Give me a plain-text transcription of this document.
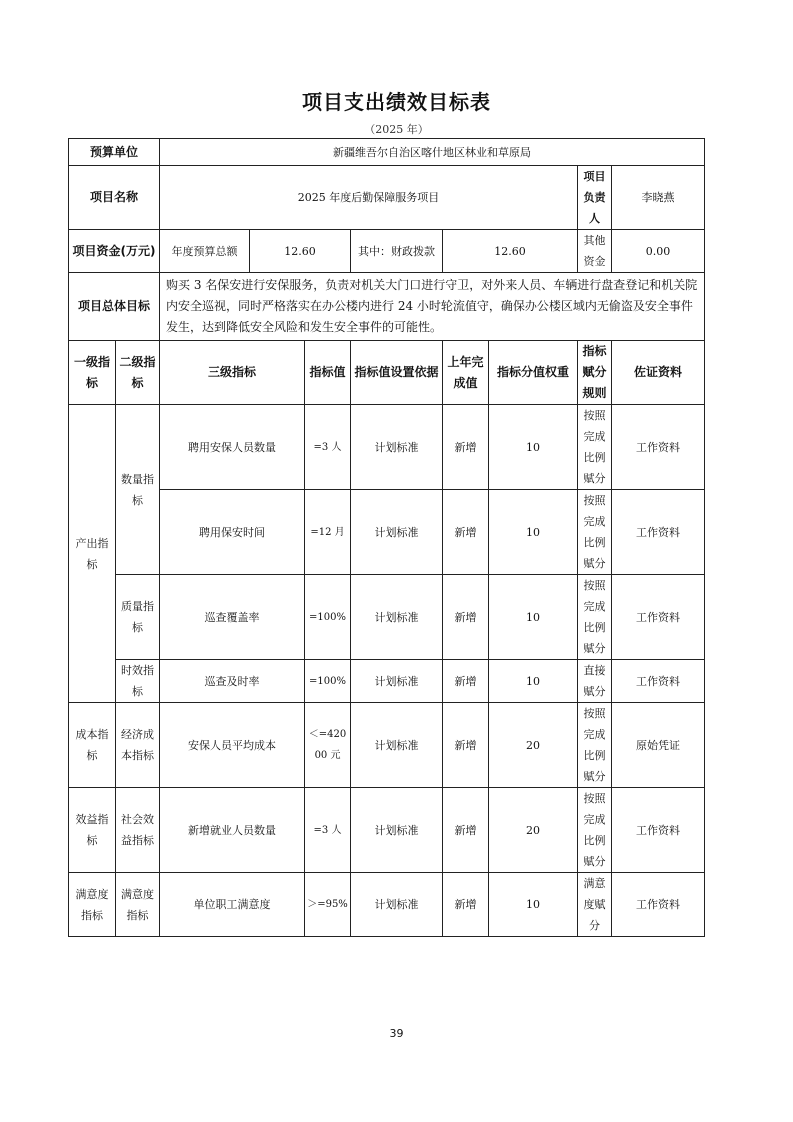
项目支出绩效目标表
（2025 年）
预算单位		新疆维吾尔自治区喀什地区林业和草原局							
项目名称		2025 年度后勤保障服务项目						项目负责人	李晓燕
项目资金(万元)		年度预算总额	12.60		其中：财政拨款	12.60		其他资金	0.00
项目总体目标		购买 3 名保安进行安保服务，负责对机关大门口进行守卫，对外来人员、车辆进行盘查登记和机关院内安全巡视，同时严格落实在办公楼内进行 24 小时轮流值守，确保办公楼区域内无偷盗及安全事件发生，达到降低安全风险和发生安全事件的可能性。							
一级指标	二级指标	三级指标		指标值	指标值设置依据	上年完成值	指标分值权重	指标赋分规则	佐证资料
产出指标	数量指标	聘用安保人员数量		=3 人	计划标准	新增	10	按照完成比例赋分	工作资料
		聘用保安时间		=12 月	计划标准	新增	10	按照完成比例赋分	工作资料
	质量指标	巡查覆盖率		=100%	计划标准	新增	10	按照完成比例赋分	工作资料
	时效指标	巡查及时率		=100%	计划标准	新增	10	直接赋分	工作资料
成本指标	经济成本指标	安保人员平均成本		＜=42000 元	计划标准	新增	20	按照完成比例赋分	原始凭证
效益指标	社会效益指标	新增就业人员数量		=3 人	计划标准	新增	20	按照完成比例赋分	工作资料
满意度指标	满意度指标	单位职工满意度		＞=95%	计划标准	新增	10	满意度赋分	工作资料
39
